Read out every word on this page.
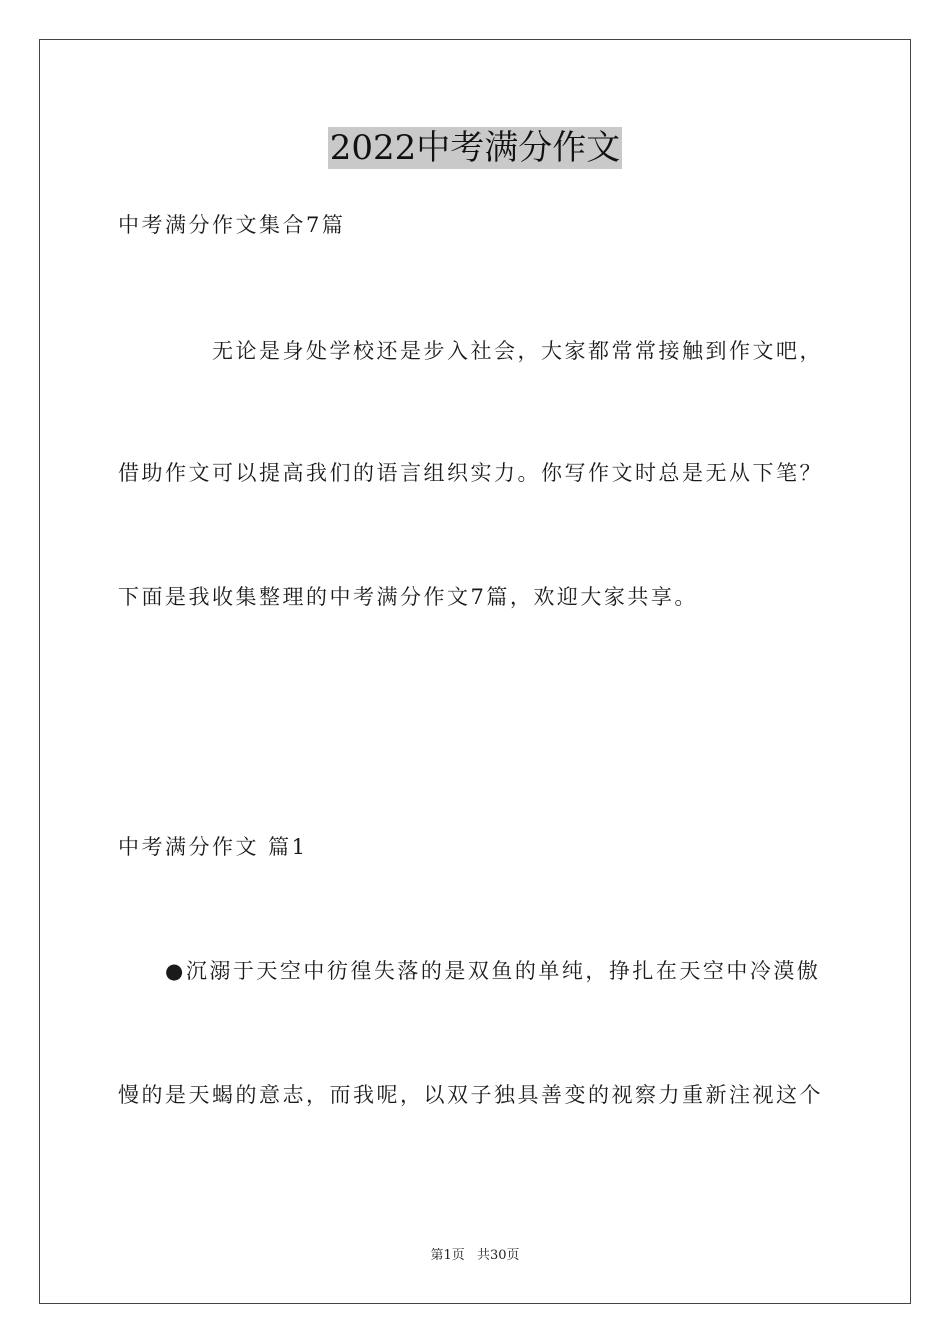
2022中考满分作文
中考满分作文集合7篇
无论是身处学校还是步入社会，大家都常常接触到作文吧，
借助作文可以提高我们的语言组织实力。你写作文时总是无从下笔？
下面是我收集整理的中考满分作文7篇，欢迎大家共享。
中考满分作文 篇1
●沉溺于天空中彷徨失落的是双鱼的单纯，挣扎在天空中冷漠傲
慢的是天蝎的意志，而我呢，以双子独具善变的视察力重新注视这个
第1页 共30页
